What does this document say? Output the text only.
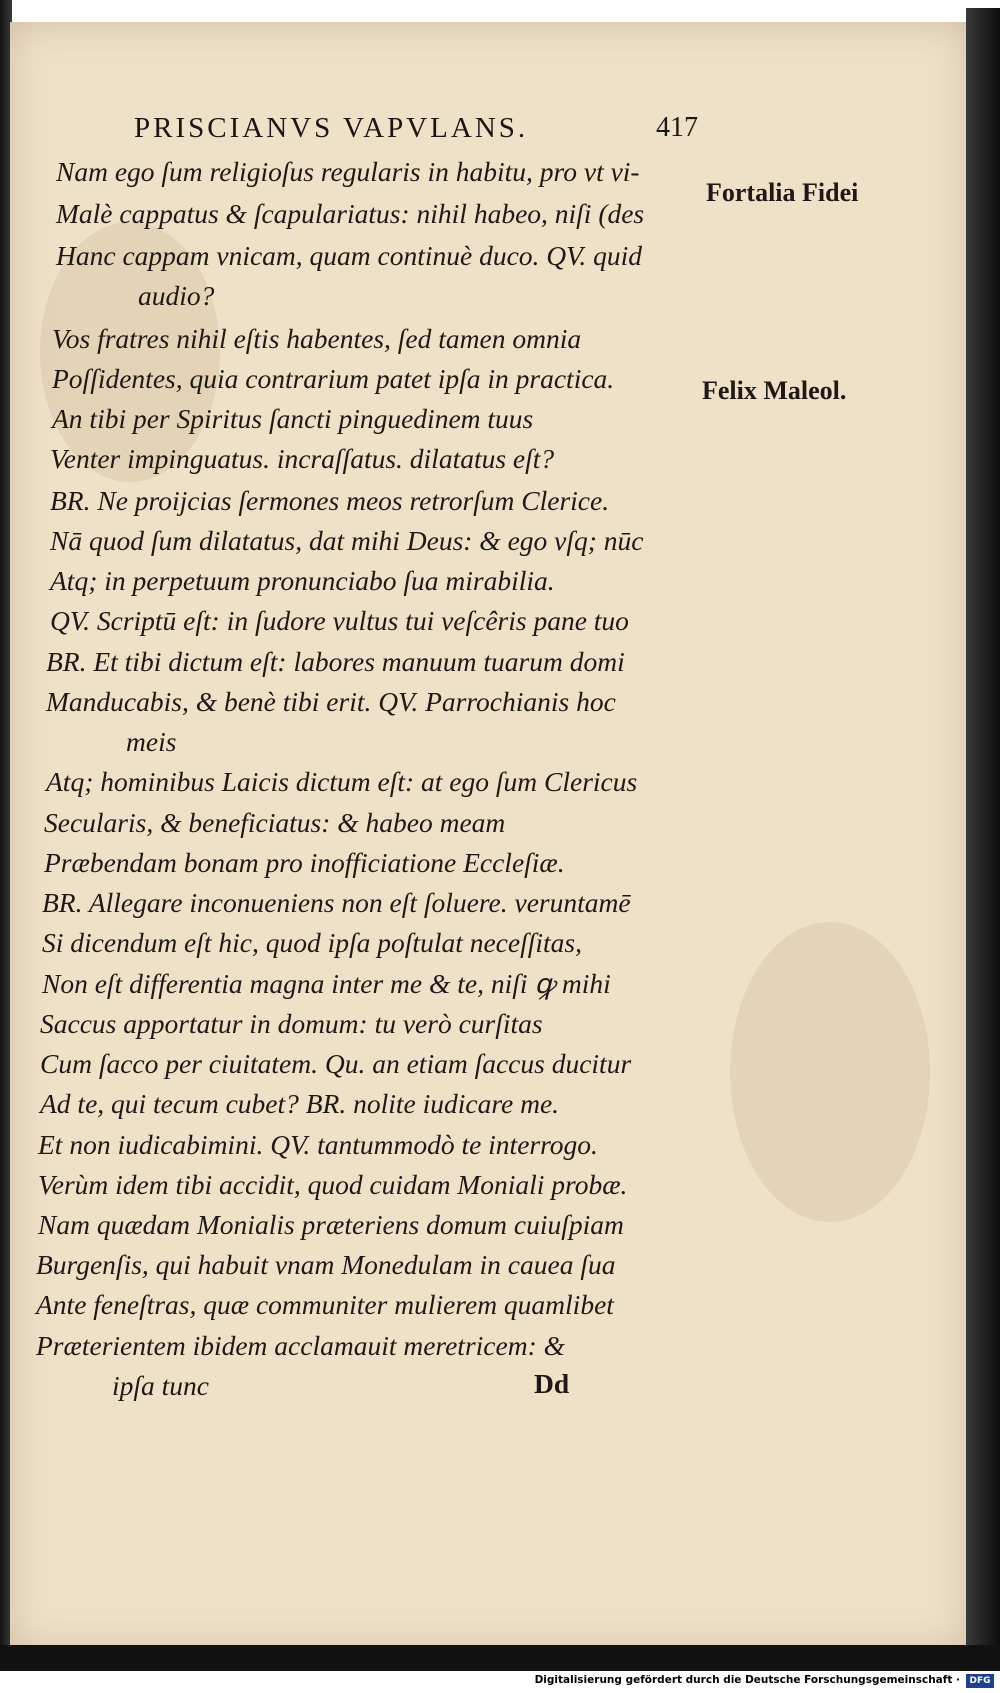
PRISCIANVS VAPVLANS.	417
Nam ego ſum religioſus regularis in habitu, pro vt vi-
Malè cappatus & ſcapulariatus: nihil habeo, niſi (des
Hanc cappam vnicam, quam continuè duco. QV. quid
audio?
Vos fratres nihil eſtis habentes, ſed tamen omnia
Poſſidentes, quia contrarium patet ipſa in practica.
An tibi per Spiritus ſancti pinguedinem tuus
Venter impinguatus. incraſſatus. dilatatus eſt?
BR. Ne proijcias ſermones meos retrorſum Clerice.
Nā quod ſum dilatatus, dat mihi Deus: & ego vſq; nūc
Atq; in perpetuum pronunciabo ſua mirabilia.
QV. Scriptū eſt: in ſudore vultus tui veſcêris pane tuo
BR. Et tibi dictum eſt: labores manuum tuarum domi
Manducabis, & benè tibi erit. QV. Parrochianis hoc
meis
Atq; hominibus Laicis dictum eſt: at ego ſum Clericus
Secularis, & beneficiatus: & habeo meam
Præbendam bonam pro inofficiatione Eccleſiæ.
BR. Allegare inconueniens non eſt ſoluere. veruntamē
Si dicendum eſt hic, quod ipſa poſtulat neceſſitas,
Non eſt differentia magna inter me & te, niſi ꝙ mihi
Saccus apportatur in domum: tu verò curſitas
Cum ſacco per ciuitatem. Qu. an etiam ſaccus ducitur
Ad te, qui tecum cubet? BR. nolite iudicare me.
Et non iudicabimini. QV. tantummodò te interrogo.
Verùm idem tibi accidit, quod cuidam Moniali probæ.
Nam quædam Monialis præteriens domum cuiuſpiam
Burgenſis, qui habuit vnam Monedulam in cauea ſua
Ante feneſtras, quæ communiter mulierem quamlibet
Præterientem ibidem acclamauit meretricem: &
ipſa tunc	Dd
Fortalia Fidei
Felix Maleol.
Digitalisierung gefördert durch die Deutsche Forschungsgemeinschaft ·	DFG
